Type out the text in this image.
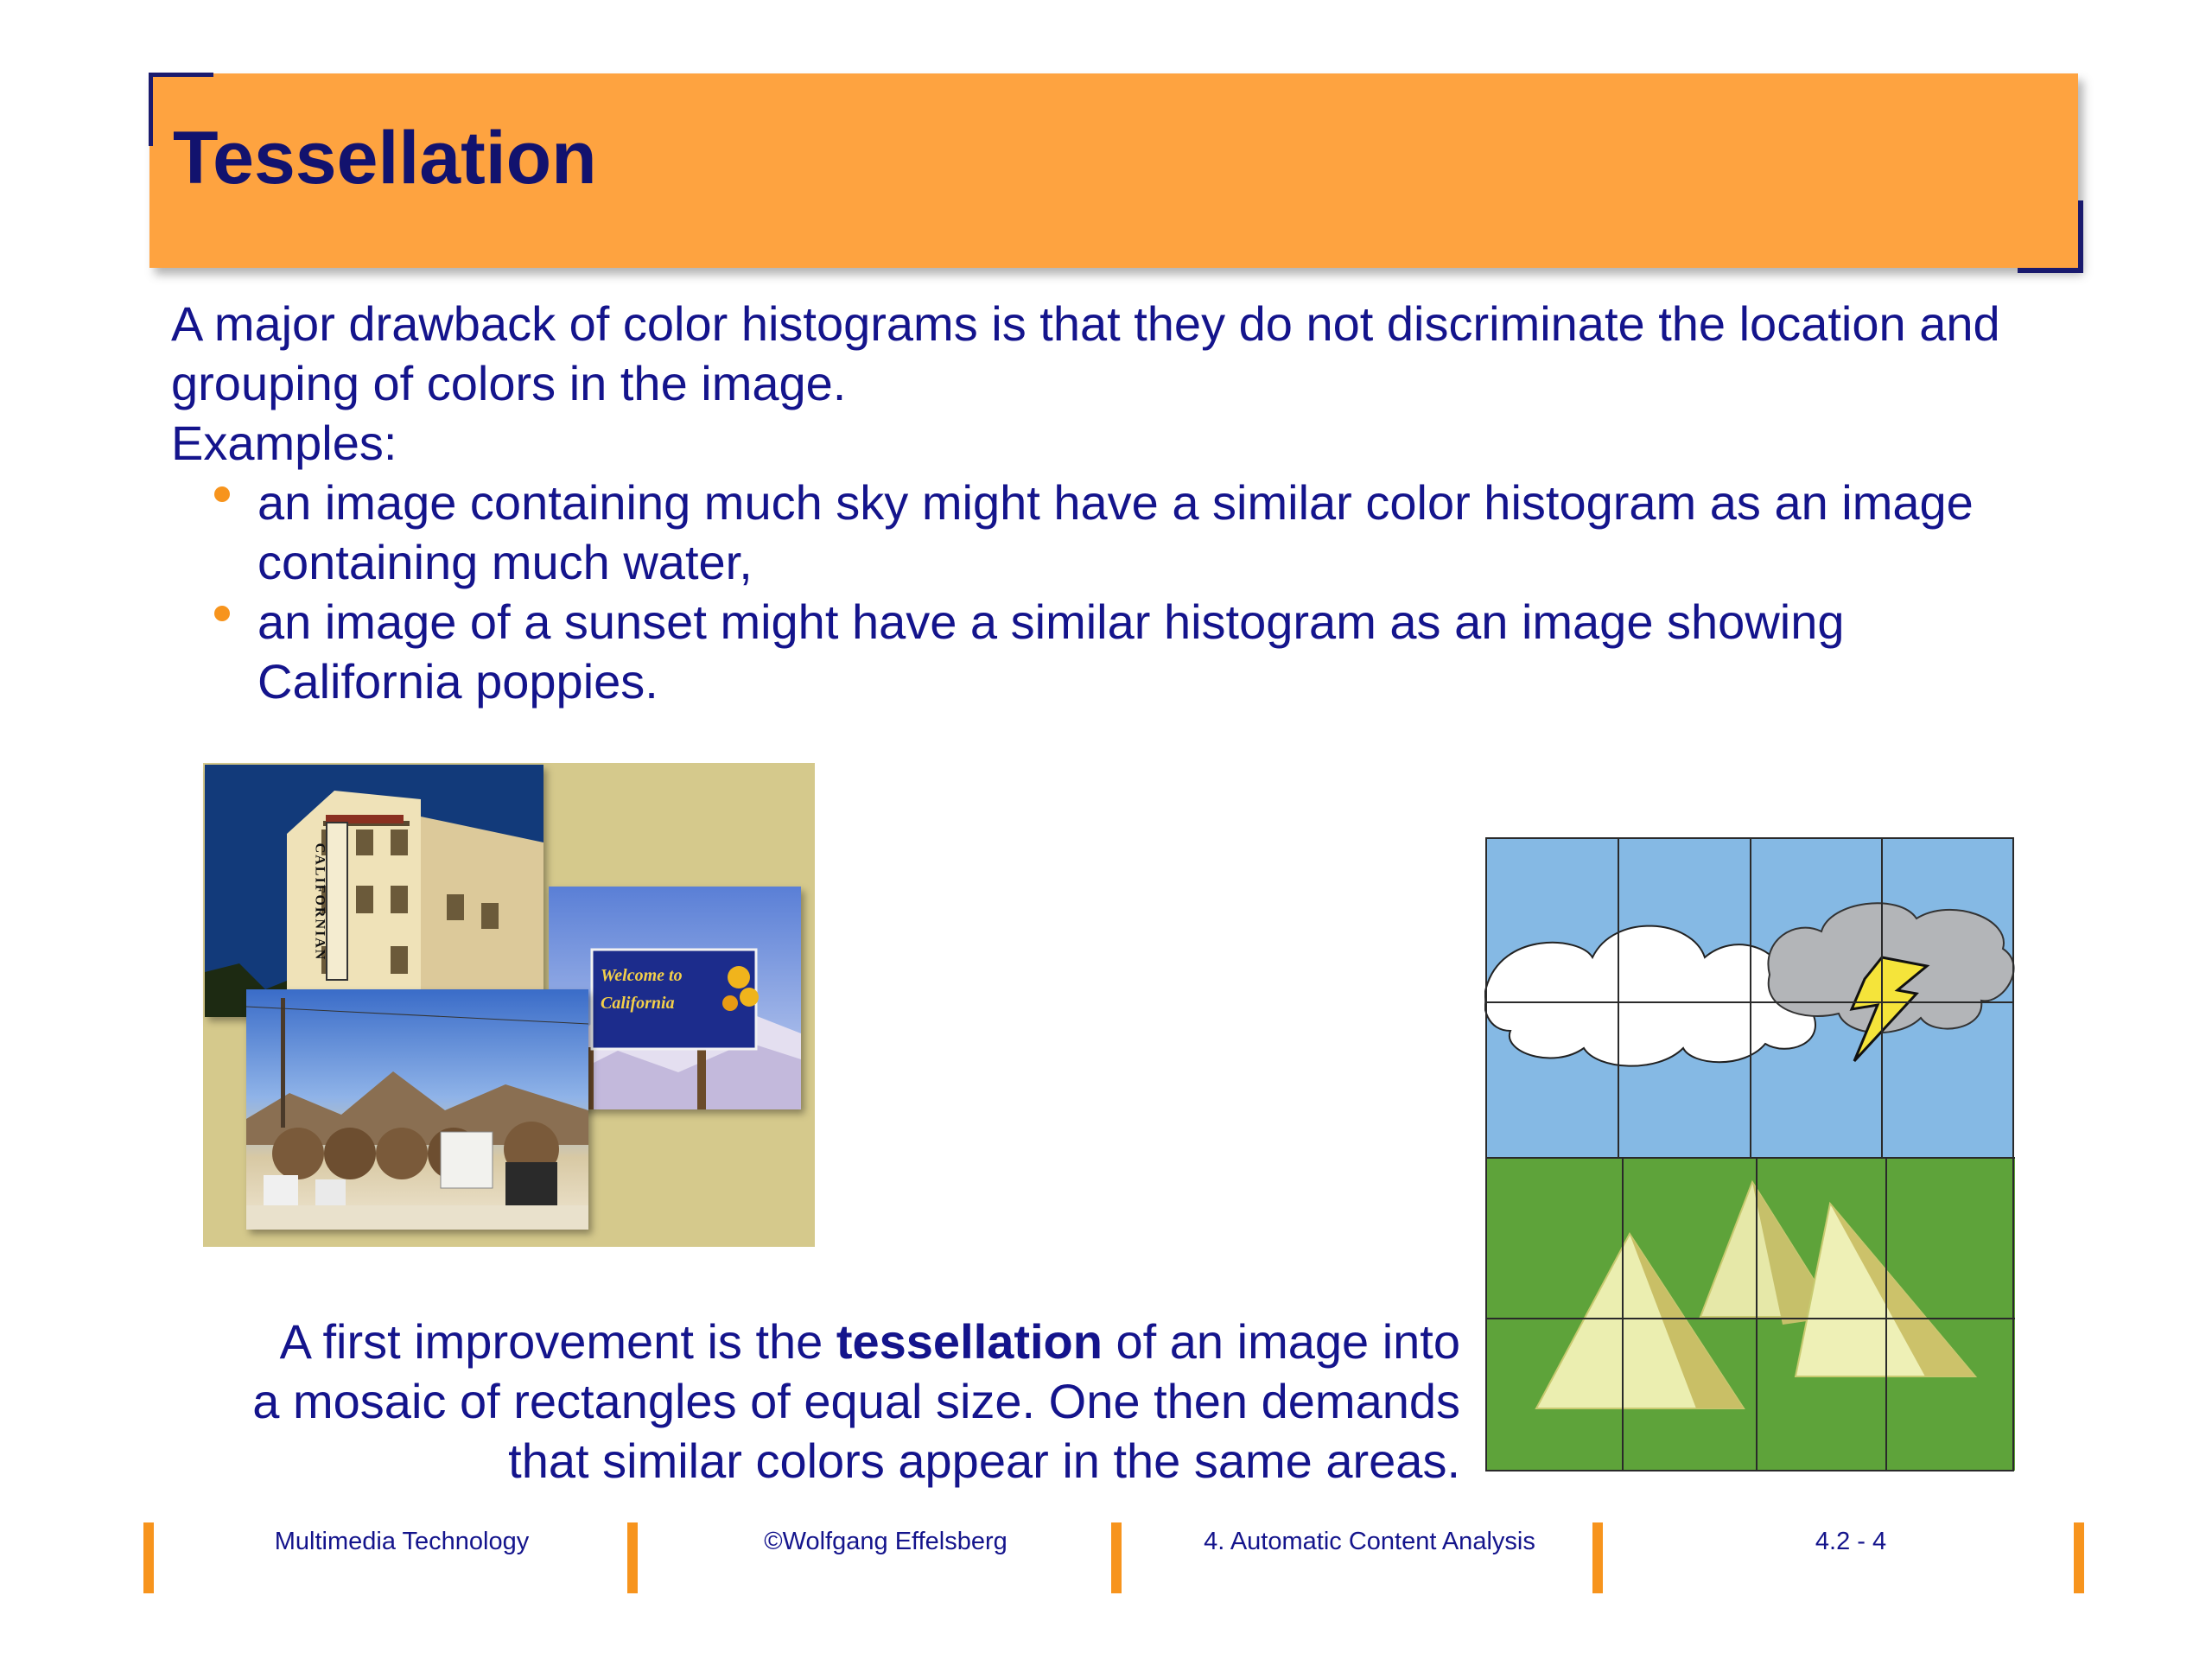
Tessellation

A major drawback of color histograms is that they do not discriminate the location and

grouping of colors in the image.

Examples:

an image containing much sky might have a similar color histogram as an image
containing much water,
an image of a sunset might have a similar histogram as an image showing
California poppies.
CALIFORNIAN
Welcome to
California

A first improvement is the tessellation of an image into
a mosaic of rectangles of equal size. One then demands
that similar colors appear in the same areas.

Multimedia Technology	©Wolfgang Effelsberg	4. Automatic Content Analysis	4.2 - 4
